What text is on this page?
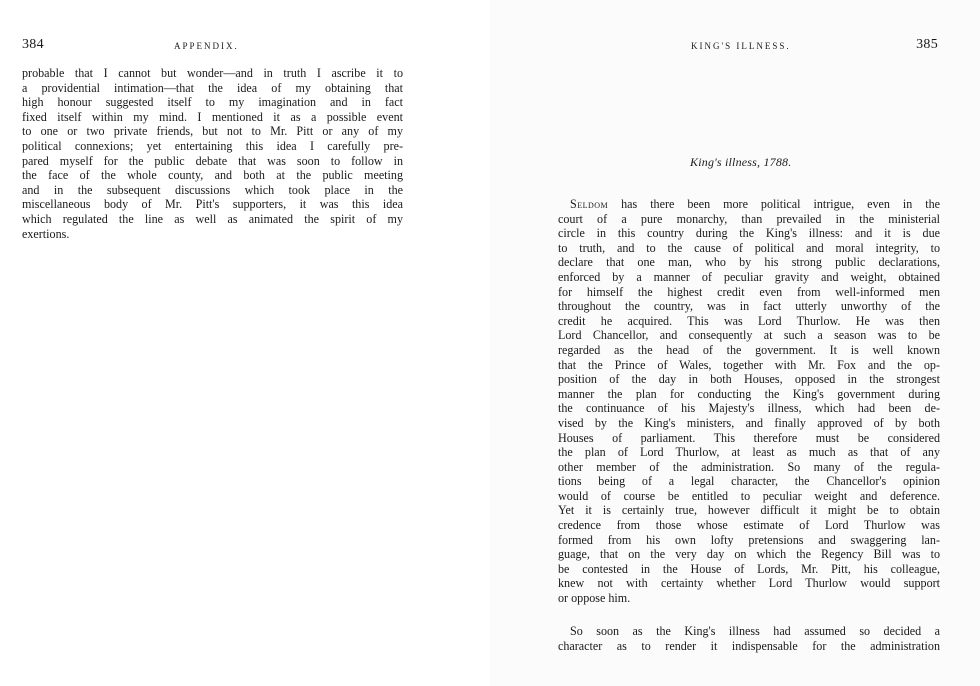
384	APPENDIX.
probable that I cannot but wonder—and in truth I ascribe it to
a providential intimation—that the idea of my obtaining that
high honour suggested itself to my imagination and in fact
fixed itself within my mind. I mentioned it as a possible event
to one or two private friends, but not to Mr. Pitt or any of my
political connexions; yet entertaining this idea I carefully pre-
pared myself for the public debate that was soon to follow in
the face of the whole county, and both at the public meeting
and in the subsequent discussions which took place in the
miscellaneous body of Mr. Pitt's supporters, it was this idea
which regulated the line as well as animated the spirit of my
exertions.
KING'S ILLNESS.	385
King's illness, 1788.
Seldom has there been more political intrigue, even in the
court of a pure monarchy, than prevailed in the ministerial
circle in this country during the King's illness: and it is due
to truth, and to the cause of political and moral integrity, to
declare that one man, who by his strong public declarations,
enforced by a manner of peculiar gravity and weight, obtained
for himself the highest credit even from well-informed men
throughout the country, was in fact utterly unworthy of the
credit he acquired. This was Lord Thurlow. He was then
Lord Chancellor, and consequently at such a season was to be
regarded as the head of the government. It is well known
that the Prince of Wales, together with Mr. Fox and the op-
position of the day in both Houses, opposed in the strongest
manner the plan for conducting the King's government during
the continuance of his Majesty's illness, which had been de-
vised by the King's ministers, and finally approved of by both
Houses of parliament. This therefore must be considered
the plan of Lord Thurlow, at least as much as that of any
other member of the administration. So many of the regula-
tions being of a legal character, the Chancellor's opinion
would of course be entitled to peculiar weight and deference.
Yet it is certainly true, however difficult it might be to obtain
credence from those whose estimate of Lord Thurlow was
formed from his own lofty pretensions and swaggering lan-
guage, that on the very day on which the Regency Bill was to
be contested in the House of Lords, Mr. Pitt, his colleague,
knew not with certainty whether Lord Thurlow would support
or oppose him.
So soon as the King's illness had assumed so decided a
character as to render it indispensable for the administration
